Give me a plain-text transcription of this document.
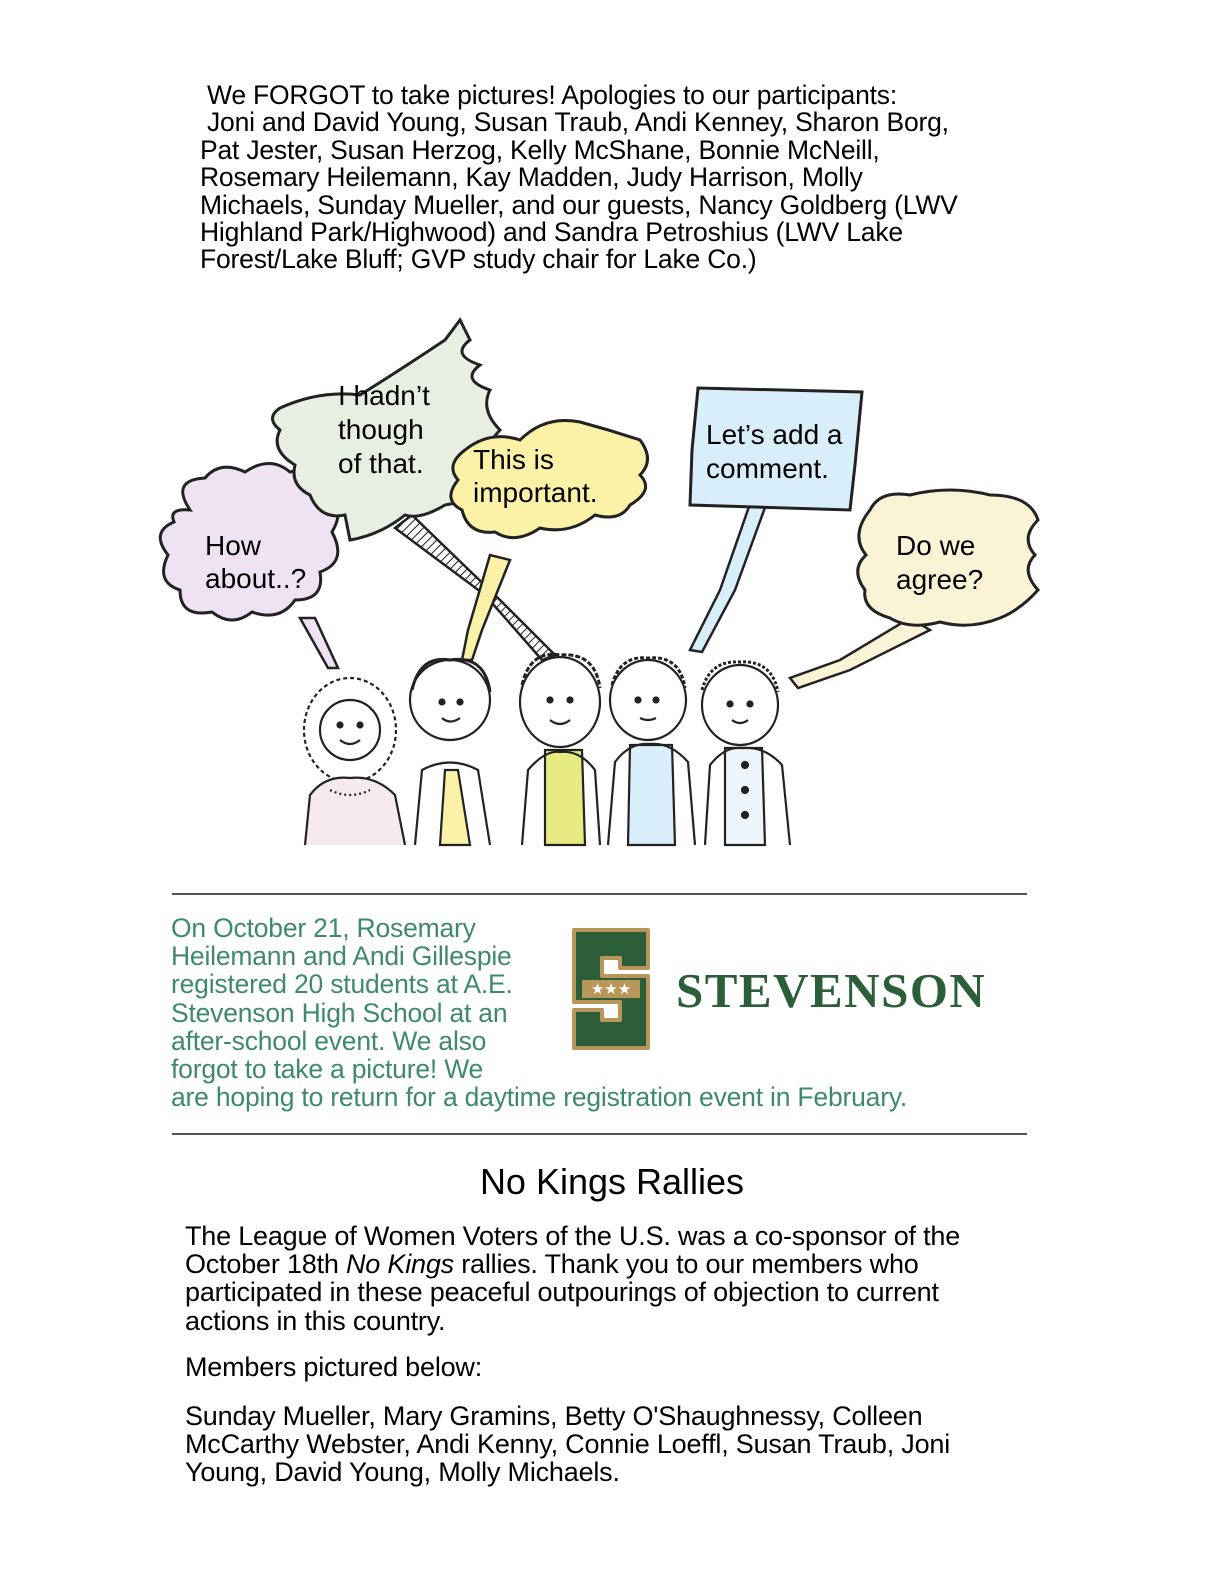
We FORGOT to take pictures! Apologies to our participants:

Joni and David Young, Susan Traub, Andi Kenney, Sharon Borg,

Pat Jester, Susan Herzog, Kelly McShane, Bonnie McNeill,

Rosemary Heilemann, Kay Madden, Judy Harrison, Molly

Michaels, Sunday Mueller, and our guests, Nancy Goldberg (LWV

Highland Park/Highwood) and Sandra Petroshius (LWV Lake

Forest/Lake Bluff; GVP study chair for Lake Co.)

How about..?
I hadn’t though of that.	This is important.
Let’s add a comment.
Do we agree?

On October 21, Rosemary

Heilemann and Andi Gillespie

registered 20 students at A.E.

Stevenson High School at an

after-school event. We also

forgot to take a picture! We

are hoping to return for a daytime registration event in February.

★★★ STEVENSON
No Kings Rallies

The League of Women Voters of the U.S. was a co-sponsor of the

October 18th No Kings rallies. Thank you to our members who

participated in these peaceful outpourings of objection to current

actions in this country.

Members pictured below:

Sunday Mueller, Mary Gramins, Betty O'Shaughnessy, Colleen

McCarthy Webster, Andi Kenny, Connie Loeffl, Susan Traub, Joni

Young, David Young, Molly Michaels.
